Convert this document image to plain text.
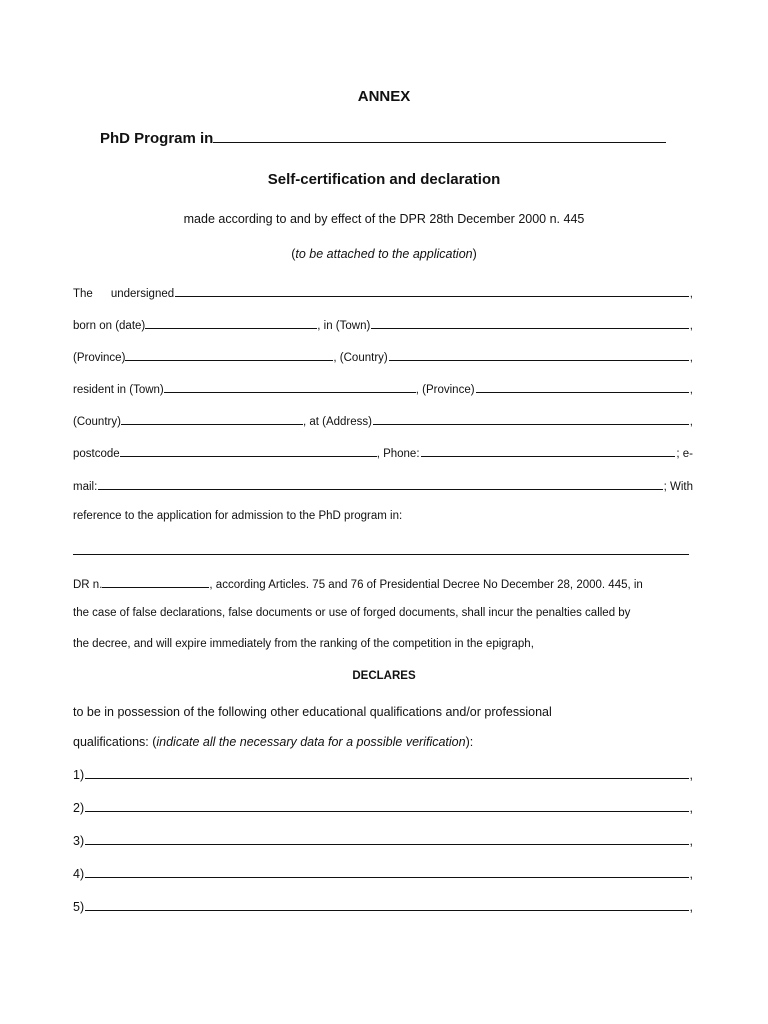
ANNEX
PhD Program in
Self-certification and declaration
made according to and by effect of the DPR 28th December 2000 n. 445
(to be attached to the application)
The undersigned	,
born on (date)	, in (Town)	,
(Province)	, (Country)	,
resident in (Town)	, (Province)	,
(Country)	, at (Address)	,
postcode	, Phone:	; e-
mail:	; With
reference to the application for admission to the PhD program in:
DR n.	, according Articles. 75 and 76 of Presidential Decree No December 28, 2000. 445, in
the case of false declarations, false documents or use of forged documents, shall incur the penalties called by
the decree, and will expire immediately from the ranking of the competition in the epigraph,
DECLARES
to be in possession of the following other educational qualifications and/or professional
qualifications: (indicate all the necessary data for a possible verification):
1)	,
2)	,
3)	,
4)	,
5)	,
